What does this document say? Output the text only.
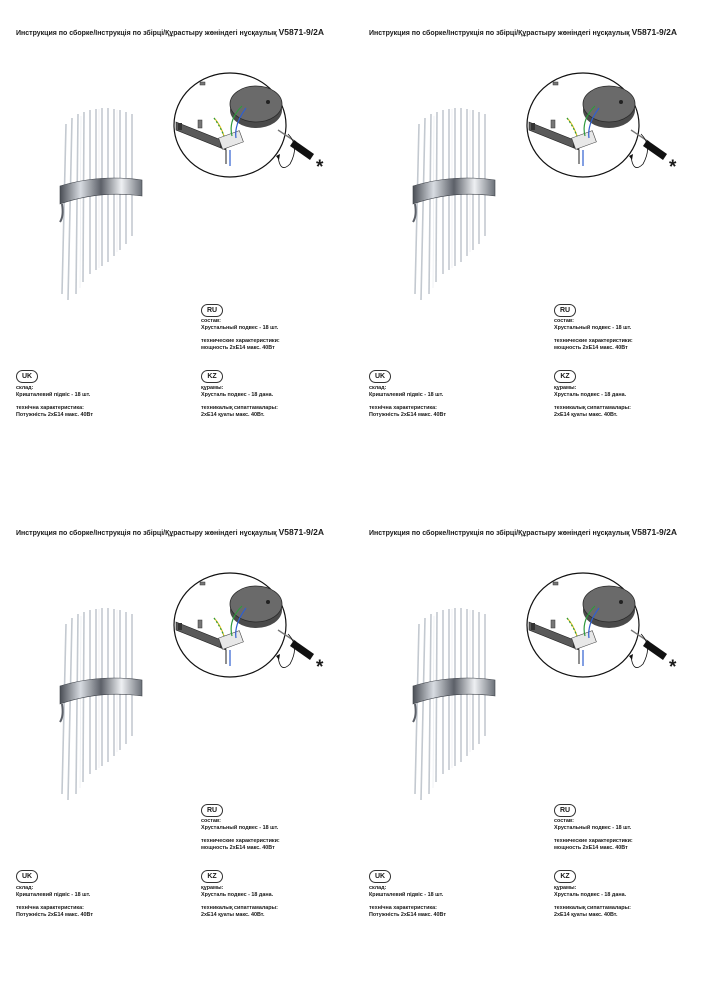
Инструкция по сборке/Інструкція по збірці/Құрастыру жөніндегі нұсқаулық V5871-9/2A
*
RU
состав:
Хрустальный подвес - 18 шт.
технические характеристики:
мощность 2хЕ14 макс. 40Вт
UK
склад:
Кришталевий підвіс - 18 шт.
технічна характеристика:
Потужність 2хЕ14 макс. 40Вт
KZ
құрамы:
Хрусталь подвес - 18 дана.
техникалық сипаттамалары:
2хЕ14 қуаты макс. 40Вт.
Инструкция по сборке/Інструкція по збірці/Құрастыру жөніндегі нұсқаулық V5871-9/2A
*
RU
состав:
Хрустальный подвес - 18 шт.
технические характеристики:
мощность 2хЕ14 макс. 40Вт
UK
склад:
Кришталевий підвіс - 18 шт.
технічна характеристика:
Потужність 2хЕ14 макс. 40Вт
KZ
құрамы:
Хрусталь подвес - 18 дана.
техникалық сипаттамалары:
2хЕ14 қуаты макс. 40Вт.
Инструкция по сборке/Інструкція по збірці/Құрастыру жөніндегі нұсқаулық V5871-9/2A
*
RU
состав:
Хрустальный подвес - 18 шт.
технические характеристики:
мощность 2хЕ14 макс. 40Вт
UK
склад:
Кришталевий підвіс - 18 шт.
технічна характеристика:
Потужність 2хЕ14 макс. 40Вт
KZ
құрамы:
Хрусталь подвес - 18 дана.
техникалық сипаттамалары:
2хЕ14 қуаты макс. 40Вт.
Инструкция по сборке/Інструкція по збірці/Құрастыру жөніндегі нұсқаулық V5871-9/2A
*
RU
состав:
Хрустальный подвес - 18 шт.
технические характеристики:
мощность 2хЕ14 макс. 40Вт
UK
склад:
Кришталевий підвіс - 18 шт.
технічна характеристика:
Потужність 2хЕ14 макс. 40Вт
KZ
құрамы:
Хрусталь подвес - 18 дана.
техникалық сипаттамалары:
2хЕ14 қуаты макс. 40Вт.
